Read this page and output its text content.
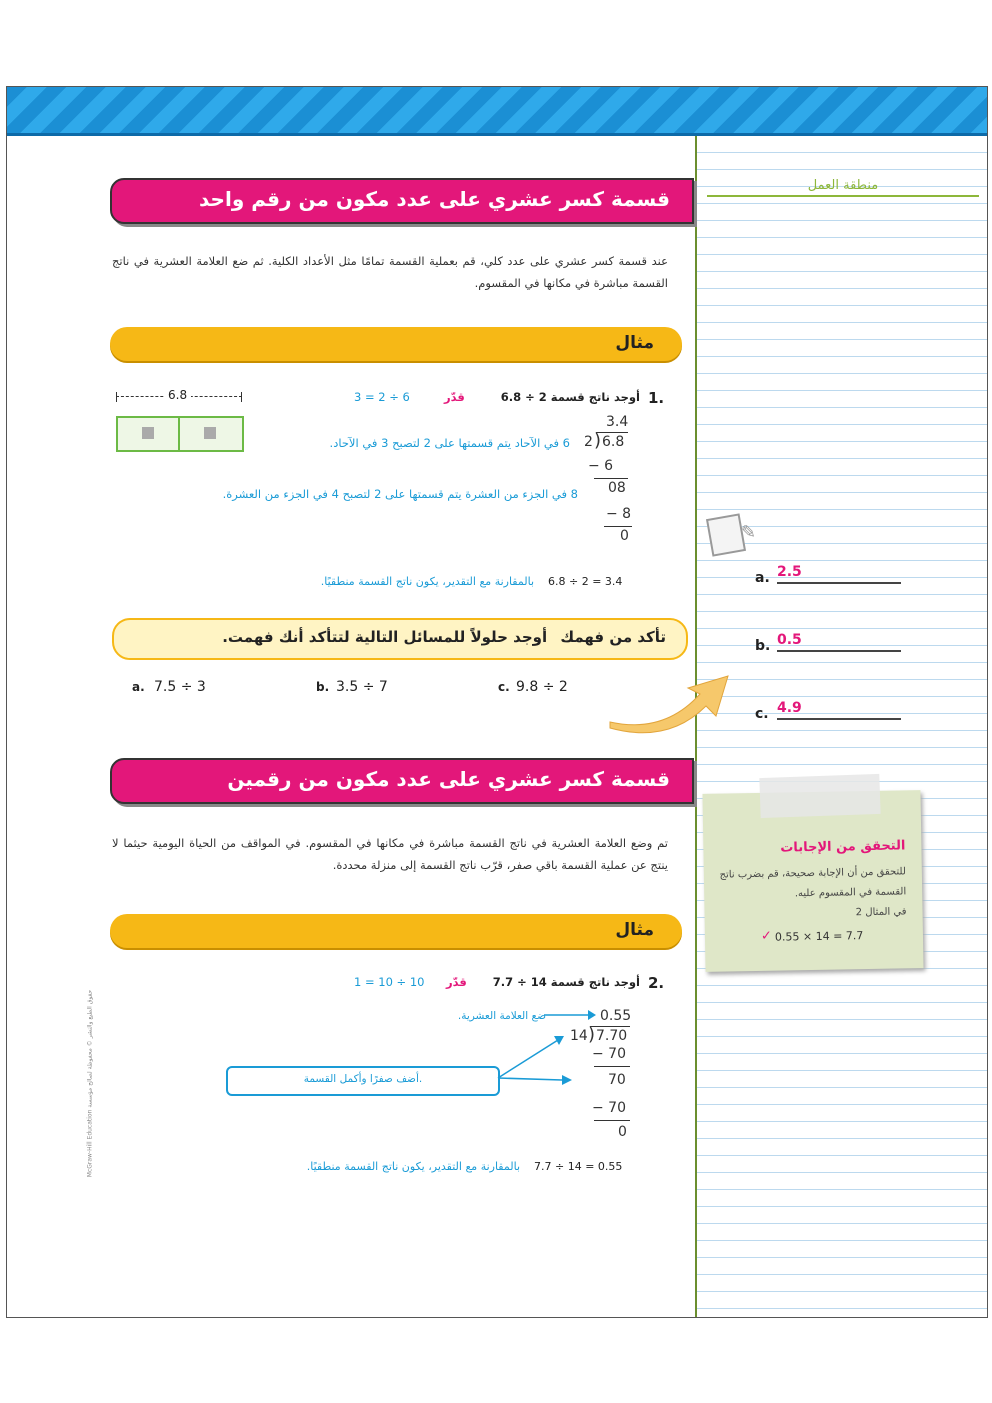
منطقة العمل
✎
a. 2.5
b. 0.5
c. 4.9
قسمة كسر عشري على عدد مكون من رقم واحد
عند قسمة كسر عشري على عدد كلي، قم بعملية القسمة تمامًا مثل الأعداد الكلية. ثم ضع العلامة العشرية في ناتج القسمة مباشرة في مكانها في المقسوم.
مثال
1.
أوجد ناتج قسمة 2 ÷ 6.8
قدّر
3 = 2 ÷ 6
6.8
3.4
2 ) 6.8
− 6
08
− 8
0
6 في الآحاد يتم قسمتها على 2 لتصبح 3 في الآحاد.
8 في الجزء من العشرة يتم قسمتها على 2 لتصبح 4 في الجزء من العشرة.
6.8 ÷ 2 = 3.4
بالمقارنة مع التقدير، يكون ناتج القسمة منطقيًا.
تأكد من فهمك أوجد حلولاً للمسائل التالية لتتأكد أنك فهمت.
a. 7.5 ÷ 3	b. 3.5 ÷ 7	c. 9.8 ÷ 2
قسمة كسر عشري على عدد مكون من رقمين
تم وضع العلامة العشرية في ناتج القسمة مباشرة في مكانها في المقسوم. في المواقف من الحياة اليومية حيثما لا ينتج عن عملية القسمة باقي صفر، قرّب ناتج القسمة إلى منزلة محددة.
مثال
2.
أوجد ناتج قسمة 14 ÷ 7.7
قدّر
1 = 10 ÷ 10
0.55
14 ) 7.70
− 70
70
− 70
0
ضع العلامة العشرية.
أضف صفرًا وأكمل القسمة.
7.7 ÷ 14 = 0.55
بالمقارنة مع التقدير، يكون ناتج القسمة منطقيًا.
التحقق من الإجابات
للتحقق من أن الإجابة صحيحة، قم بضرب ناتج القسمة في المقسوم عليه.
في المثال 2
0.55 × 14 = 7.7
✓
حقوق الطبع والنشر © محفوظة لصالح مؤسسة McGraw-Hill Education
